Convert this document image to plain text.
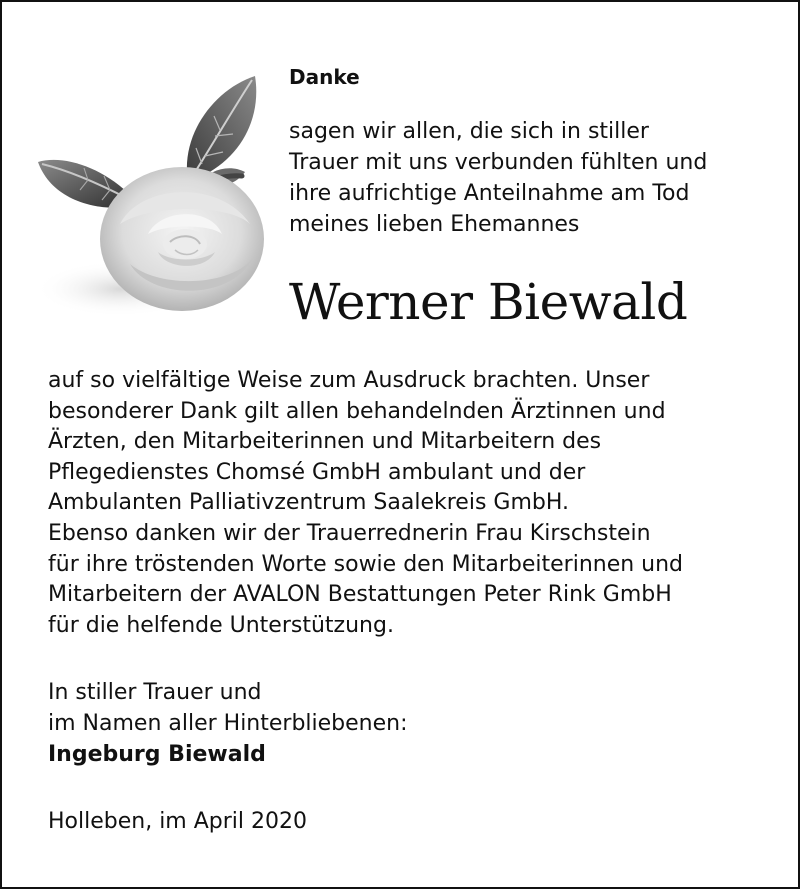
Danke
sagen wir allen, die sich in stiller
Trauer mit uns verbunden fühlten und
ihre aufrichtige Anteilnahme am Tod
meines lieben Ehemannes
Werner Biewald
auf so vielfältige Weise zum Ausdruck brachten. Unser
besonderer Dank gilt allen behandelnden Ärztinnen und
Ärzten, den Mitarbeiterinnen und Mitarbeitern des
Pflegedienstes Chomsé GmbH ambulant und der
Ambulanten Palliativzentrum Saalekreis GmbH.
Ebenso danken wir der Trauerrednerin Frau Kirschstein
für ihre tröstenden Worte sowie den Mitarbeiterinnen und
Mitarbeitern der AVALON Bestattungen Peter Rink GmbH
für die helfende Unterstützung.
In stiller Trauer und
im Namen aller Hinterbliebenen:
Ingeburg Biewald
Holleben, im April 2020
